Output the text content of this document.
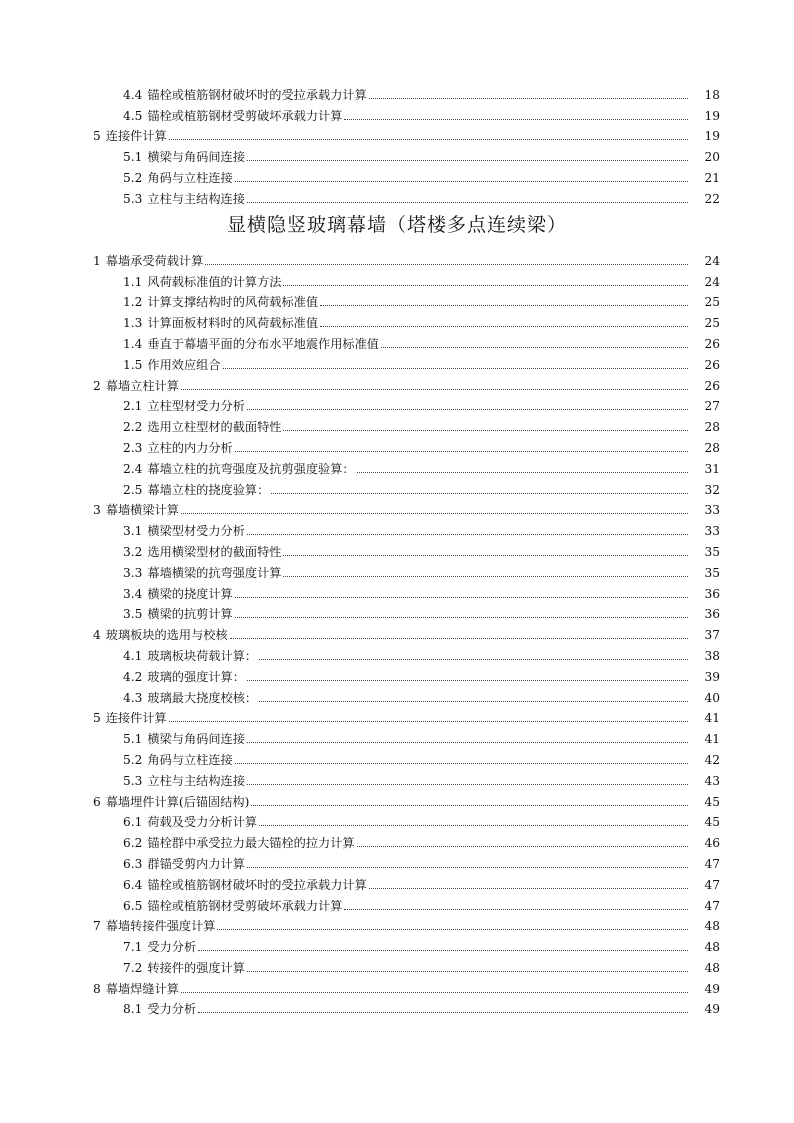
4.4 锚栓或植筋钢材破坏时的受拉承载力计算	18
4.5 锚栓或植筋钢材受剪破坏承载力计算	19
5 连接件计算	19
5.1 横梁与角码间连接	20
5.2 角码与立柱连接	21
5.3 立柱与主结构连接	22
显横隐竖玻璃幕墙（塔楼多点连续梁）
1 幕墙承受荷载计算	24
1.1 风荷载标准值的计算方法	24
1.2 计算支撑结构时的风荷载标准值	25
1.3 计算面板材料时的风荷载标准值	25
1.4 垂直于幕墙平面的分布水平地震作用标准值	26
1.5 作用效应组合	26
2 幕墙立柱计算	26
2.1 立柱型材受力分析	27
2.2 选用立柱型材的截面特性	28
2.3 立柱的内力分析	28
2.4 幕墙立柱的抗弯强度及抗剪强度验算：	31
2.5 幕墙立柱的挠度验算：	32
3 幕墙横梁计算	33
3.1 横梁型材受力分析	33
3.2 选用横梁型材的截面特性	35
3.3 幕墙横梁的抗弯强度计算	35
3.4 横梁的挠度计算	36
3.5 横梁的抗剪计算	36
4 玻璃板块的选用与校核	37
4.1 玻璃板块荷载计算：	38
4.2 玻璃的强度计算：	39
4.3 玻璃最大挠度校核：	40
5 连接件计算	41
5.1 横梁与角码间连接	41
5.2 角码与立柱连接	42
5.3 立柱与主结构连接	43
6 幕墙埋件计算(后锚固结构)	45
6.1 荷载及受力分析计算	45
6.2 锚栓群中承受拉力最大锚栓的拉力计算	46
6.3 群锚受剪内力计算	47
6.4 锚栓或植筋钢材破坏时的受拉承载力计算	47
6.5 锚栓或植筋钢材受剪破坏承载力计算	47
7 幕墙转接件强度计算	48
7.1 受力分析	48
7.2 转接件的强度计算	48
8 幕墙焊缝计算	49
8.1 受力分析	49
